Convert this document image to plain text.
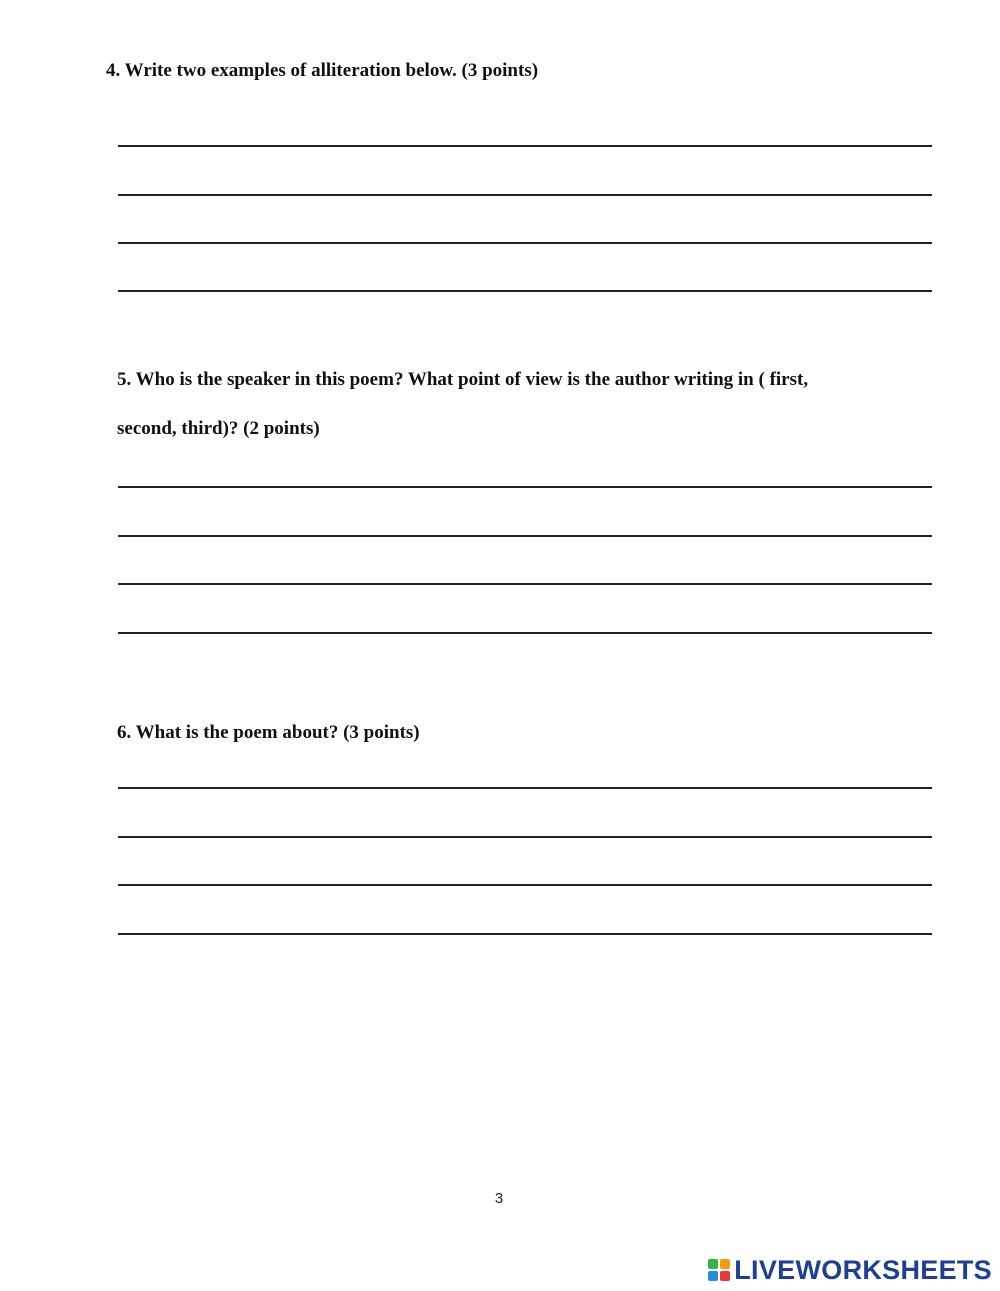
4. Write two examples of alliteration below. (3 points)

5. Who is the speaker in this poem? What point of view is the author writing in ( first,

second, third)? (2 points)

6. What is the poem about? (3 points)

3
LIVEWORKSHEETS
